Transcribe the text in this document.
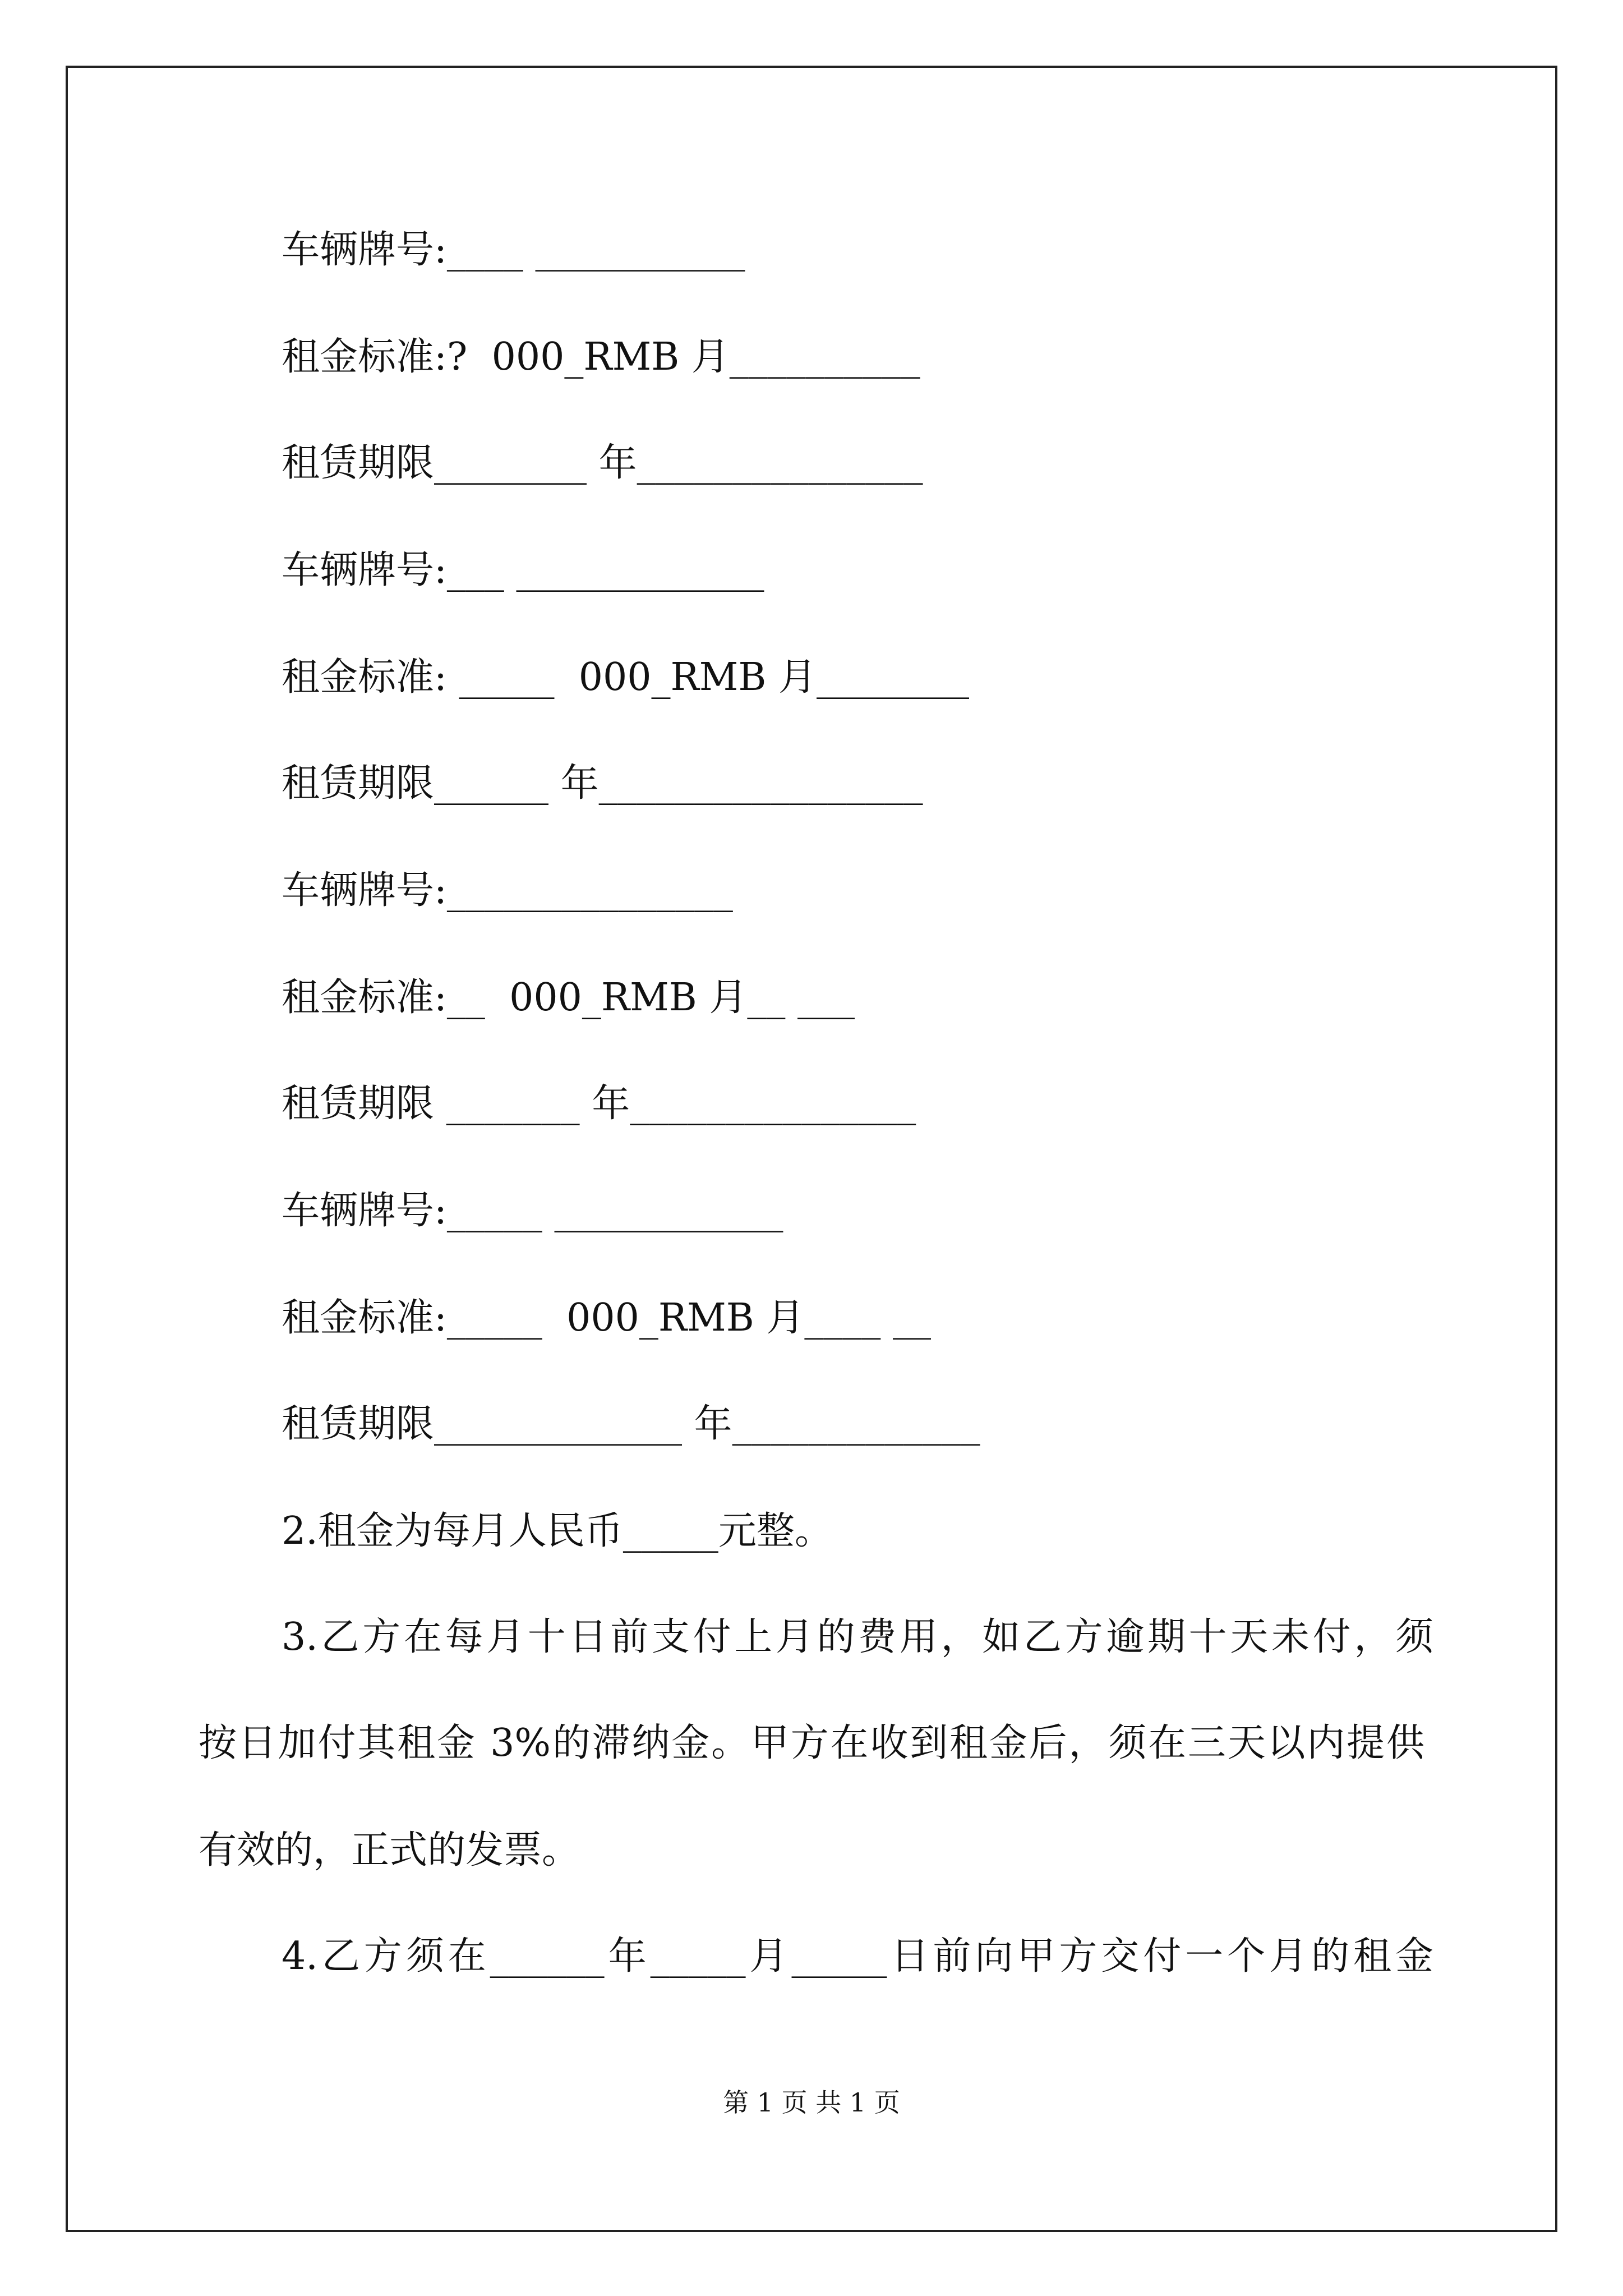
车辆牌号:____ ___________
租金标准:?  000_RMB 月__________
租赁期限________ 年_______________
车辆牌号:___ _____________
租金标准: _____  000_RMB 月________
租赁期限______ 年_________________
车辆牌号:_______________
租金标准:__  000_RMB 月__ ___
租赁期限 _______ 年_______________
车辆牌号:_____ ____________
租金标准:_____  000_RMB 月____ __
租赁期限_____________ 年_____________
2.租金为每月人民币_____元整。
3.乙方在每月十日前支付上月的费用，如乙方逾期十天未付，须
按日加付其租金 3%的滞纳金。甲方在收到租金后，须在三天以内提供
有效的，正式的发票。
4.乙方须在______年_____月_____日前向甲方交付一个月的租金
第 1 页 共 1 页
